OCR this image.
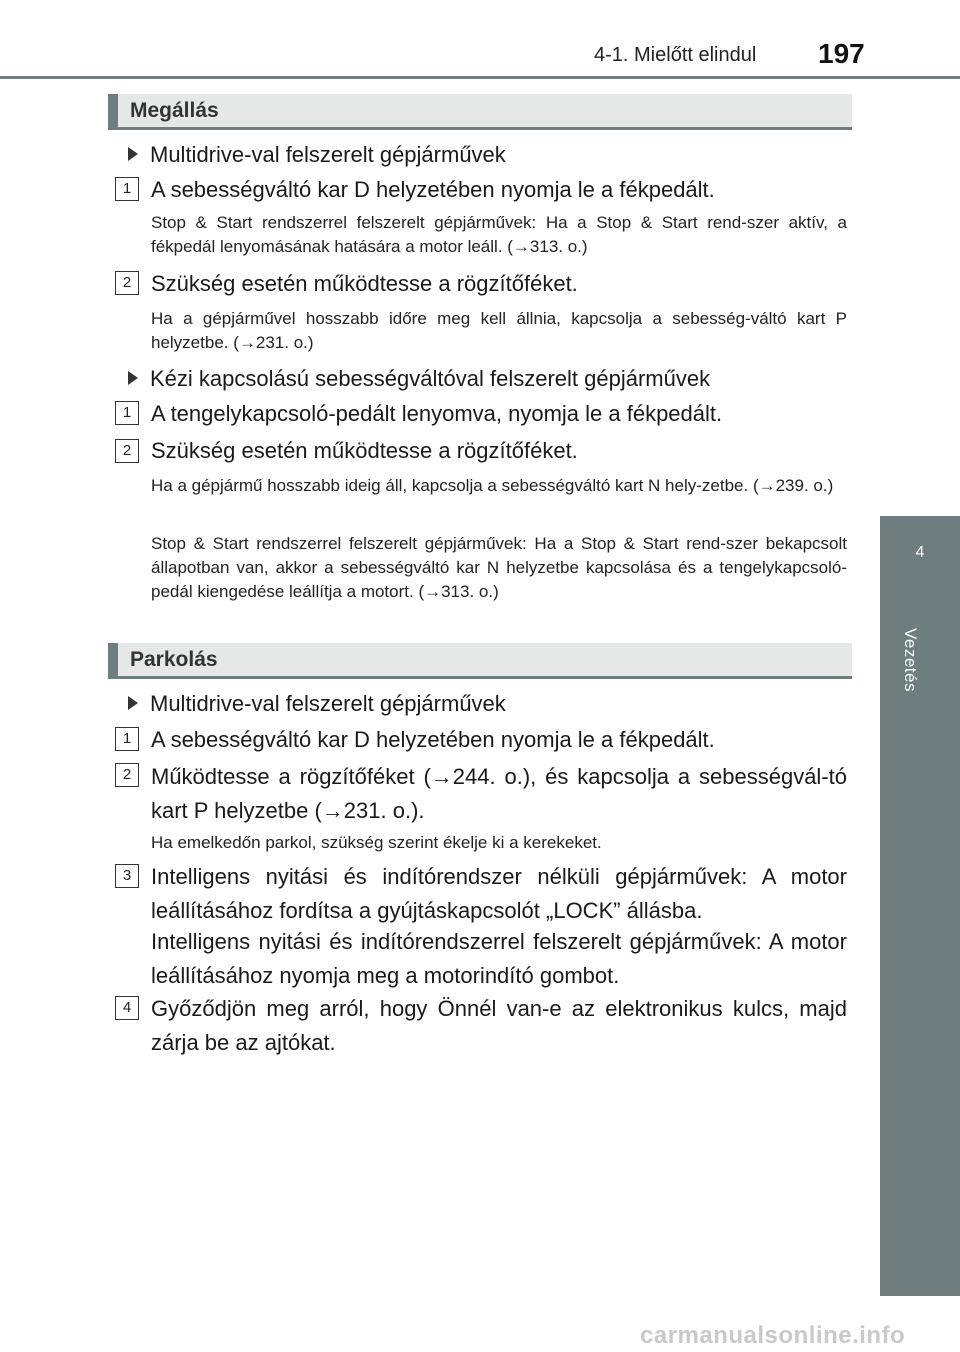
4-1. Mielőtt elindul 197
4
Vezetés
Megállás
Multidrive-val felszerelt gépjárművek
1 A sebességváltó kar D helyzetében nyomja le a fékpedált.
Stop & Start rendszerrel felszerelt gépjárművek: Ha a Stop & Start rend-szer aktív, a fékpedál lenyomásának hatására a motor leáll. (→313. o.)
2 Szükség esetén működtesse a rögzítőféket.
Ha a gépjárművel hosszabb időre meg kell állnia, kapcsolja a sebesség-váltó kart P helyzetbe. (→231. o.)
Kézi kapcsolású sebességváltóval felszerelt gépjárművek
1 A tengelykapcsoló-pedált lenyomva, nyomja le a fékpedált.
2 Szükség esetén működtesse a rögzítőféket.
Ha a gépjármű hosszabb ideig áll, kapcsolja a sebességváltó kart N hely-zetbe. (→239. o.)
Stop & Start rendszerrel felszerelt gépjárművek: Ha a Stop & Start rend-szer bekapcsolt állapotban van, akkor a sebességváltó kar N helyzetbe kapcsolása és a tengelykapcsoló-pedál kiengedése leállítja a motort. (→313. o.)
Parkolás
Multidrive-val felszerelt gépjárművek
1 A sebességváltó kar D helyzetében nyomja le a fékpedált.
2 Működtesse a rögzítőféket (→244. o.), és kapcsolja a sebességvál-tó kart P helyzetbe (→231. o.).
Ha emelkedőn parkol, szükség szerint ékelje ki a kerekeket.
3 Intelligens nyitási és indítórendszer nélküli gépjárművek: A motor leállításához fordítsa a gyújtáskapcsolót „LOCK” állásba.
Intelligens nyitási és indítórendszerrel felszerelt gépjárművek: A motor leállításához nyomja meg a motorindító gombot.
4 Győződjön meg arról, hogy Önnél van-e az elektronikus kulcs, majd zárja be az ajtókat.
carmanualsonline.info
